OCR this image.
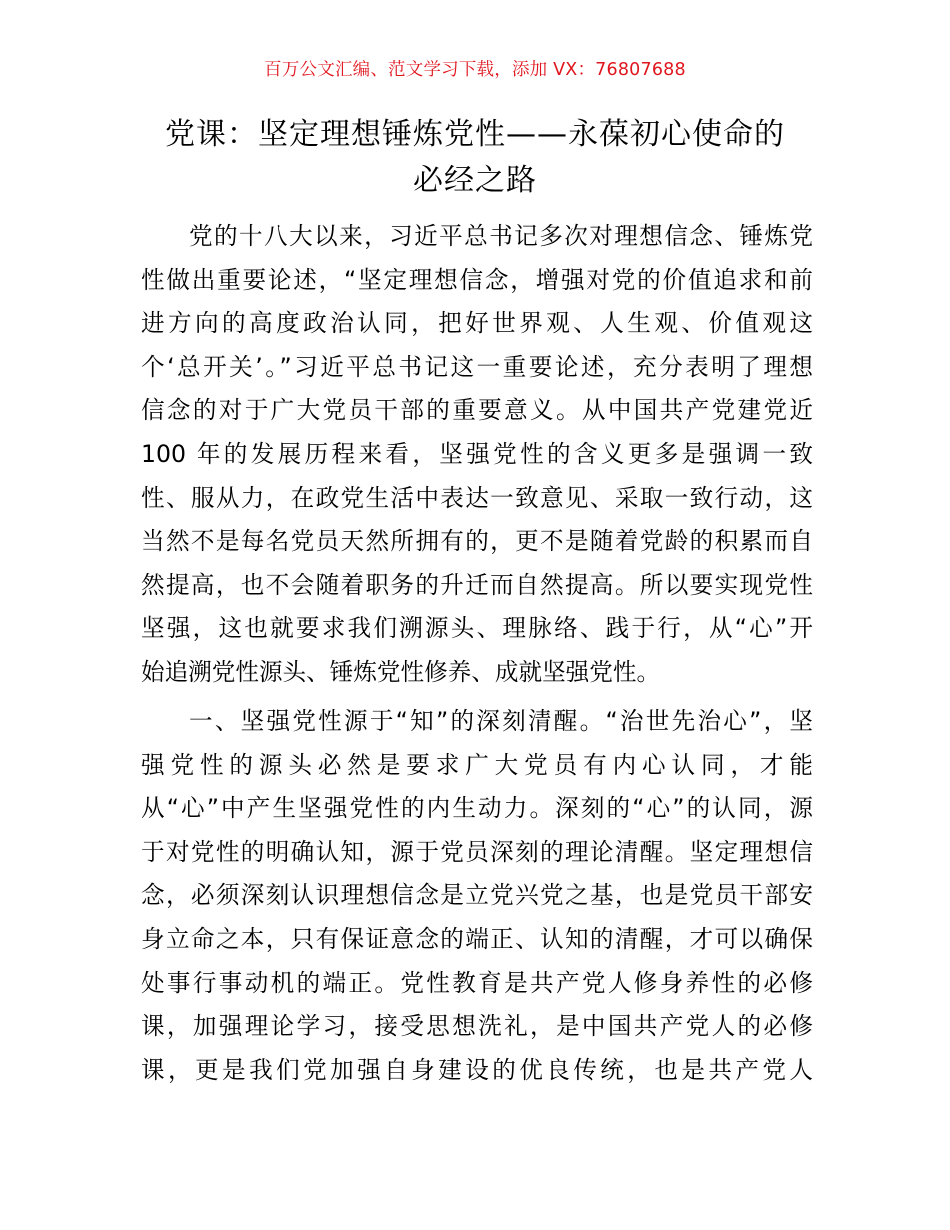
百万公文汇编、范文学习下载，添加 VX：76807688
党课：坚定理想锤炼党性——永葆初心使命的
必经之路
党的十八大以来，习近平总书记多次对理想信念、锤炼党
性做出重要论述，“坚定理想信念，增强对党的价值追求和前
进方向的高度政治认同，把好世界观、人生观、价值观这
个‘总开关’。”习近平总书记这一重要论述，充分表明了理想
信念的对于广大党员干部的重要意义。从中国共产党建党近
100 年的发展历程来看，坚强党性的含义更多是强调一致
性、服从力，在政党生活中表达一致意见、采取一致行动，这
当然不是每名党员天然所拥有的，更不是随着党龄的积累而自
然提高，也不会随着职务的升迁而自然提高。所以要实现党性
坚强，这也就要求我们溯源头、理脉络、践于行，从“心”开
始追溯党性源头、锤炼党性修养、成就坚强党性。
一、坚强党性源于“知”的深刻清醒。“治世先治心”，坚
强党性的源头必然是要求广大党员有内心认同，才能
从“心”中产生坚强党性的内生动力。深刻的“心”的认同，源
于对党性的明确认知，源于党员深刻的理论清醒。坚定理想信
念，必须深刻认识理想信念是立党兴党之基，也是党员干部安
身立命之本，只有保证意念的端正、认知的清醒，才可以确保
处事行事动机的端正。党性教育是共产党人修身养性的必修
课，加强理论学习，接受思想洗礼，是中国共产党人的必修
课，更是我们党加强自身建设的优良传统，也是共产党人
